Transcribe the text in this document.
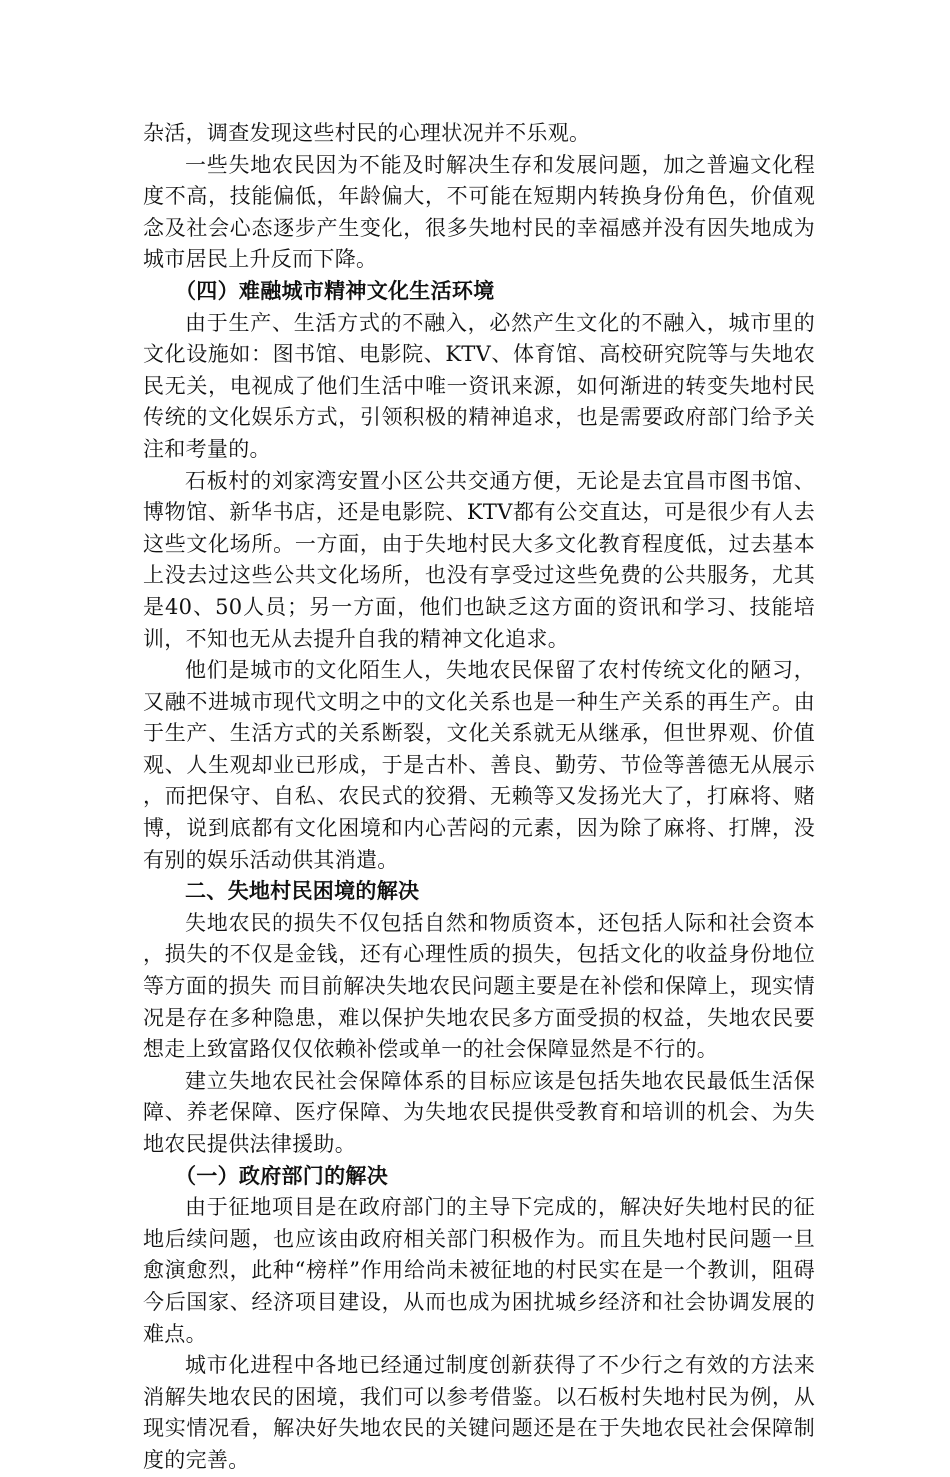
杂活，调查发现这些村民的心理状况并不乐观。

一些失地农民因为不能及时解决生存和发展问题，加之普遍文化程度不高，技能偏低，年龄偏大，不可能在短期内转换身份角色，价值观念及社会心态逐步产生变化，很多失地村民的幸福感并没有因失地成为城市居民上升反而下降。

（四）难融城市精神文化生活环境

由于生产、生活方式的不融入，必然产生文化的不融入，城市里的文化设施如：图书馆、电影院、KTV、体育馆、高校研究院等与失地农民无关，电视成了他们生活中唯一资讯来源，如何渐进的转变失地村民传统的文化娱乐方式，引领积极的精神追求，也是需要政府部门给予关注和考量的。

石板村的刘家湾安置小区公共交通方便，无论是去宜昌市图书馆、博物馆、新华书店，还是电影院、KTV都有公交直达，可是很少有人去这些文化场所。一方面，由于失地村民大多文化教育程度低，过去基本上没去过这些公共文化场所，也没有享受过这些免费的公共服务，尤其是40、50人员；另一方面，他们也缺乏这方面的资讯和学习、技能培训，不知也无从去提升自我的精神文化追求。

他们是城市的文化陌生人，失地农民保留了农村传统文化的陋习，又融不进城市现代文明之中的文化关系也是一种生产关系的再生产。由于生产、生活方式的关系断裂，文化关系就无从继承，但世界观、价值观、人生观却业已形成，于是古朴、善良、勤劳、节俭等善德无从展示，而把保守、自私、农民式的狡猾、无赖等又发扬光大了，打麻将、赌博，说到底都有文化困境和内心苦闷的元素，因为除了麻将、打牌，没有别的娱乐活动供其消遣。

二、失地村民困境的解决

失地农民的损失不仅包括自然和物质资本，还包括人际和社会资本，损失的不仅是金钱，还有心理性质的损失，包括文化的收益身份地位等方面的损失 而目前解决失地农民问题主要是在补偿和保障上，现实情况是存在多种隐患，难以保护失地农民多方面受损的权益，失地农民要想走上致富路仅仅依赖补偿或单一的社会保障显然是不行的。

建立失地农民社会保障体系的目标应该是包括失地农民最低生活保障、养老保障、医疗保障、为失地农民提供受教育和培训的机会、为失地农民提供法律援助。

（一）政府部门的解决

由于征地项目是在政府部门的主导下完成的，解决好失地村民的征地后续问题，也应该由政府相关部门积极作为。而且失地村民问题一旦愈演愈烈，此种“榜样”作用给尚未被征地的村民实在是一个教训，阻碍今后国家、经济项目建设，从而也成为困扰城乡经济和社会协调发展的难点。

城市化进程中各地已经通过制度创新获得了不少行之有效的方法来消解失地农民的困境，我们可以参考借鉴。以石板村失地村民为例，从现实情况看，解决好失地农民的关键问题还是在于失地农民社会保障制度的完善。
